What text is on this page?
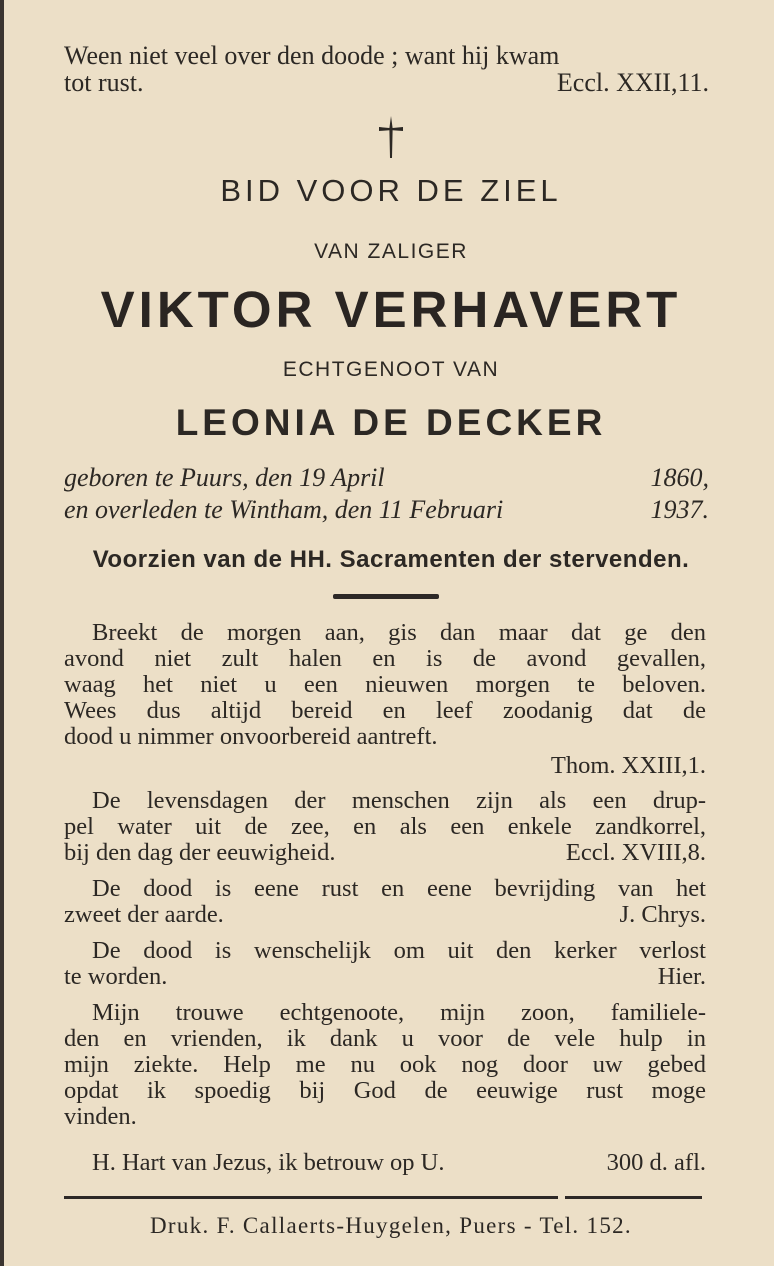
Ween niet veel over den doode ; want hij kwam
tot rust.	Eccl. XXII,11.
BID VOOR DE ZIEL
VAN ZALIGER
VIKTOR VERHAVERT
ECHTGENOOT VAN
LEONIA DE DECKER
geboren te Puurs, den 19 April	1860,
en overleden te Wintham, den 11 Februari	1937.
Voorzien van de HH. Sacramenten der stervenden.
Breekt de morgen aan, gis dan maar dat ge den
avond niet zult halen en is de avond gevallen,
waag het niet u een nieuwen morgen te beloven.
Wees dus altijd bereid en leef zoodanig dat de
dood u nimmer onvoorbereid aantreft.
Thom. XXIII,1.
De levensdagen der menschen zijn als een drup-
pel water uit de zee, en als een enkele zandkorrel,
bij den dag der eeuwigheid.	Eccl. XVIII,8.
De dood is eene rust en eene bevrijding van het
zweet der aarde.	J. Chrys.
De dood is wenschelijk om uit den kerker verlost
te worden.	Hier.
Mijn trouwe echtgenoote, mijn zoon, familiele-
den en vrienden, ik dank u voor de vele hulp in
mijn ziekte. Help me nu ook nog door uw gebed
opdat ik spoedig bij God de eeuwige rust moge
vinden.
H. Hart van Jezus, ik betrouw op U.	300 d. afl.
Druk. F. Callaerts-Huygelen, Puers - Tel. 152.
